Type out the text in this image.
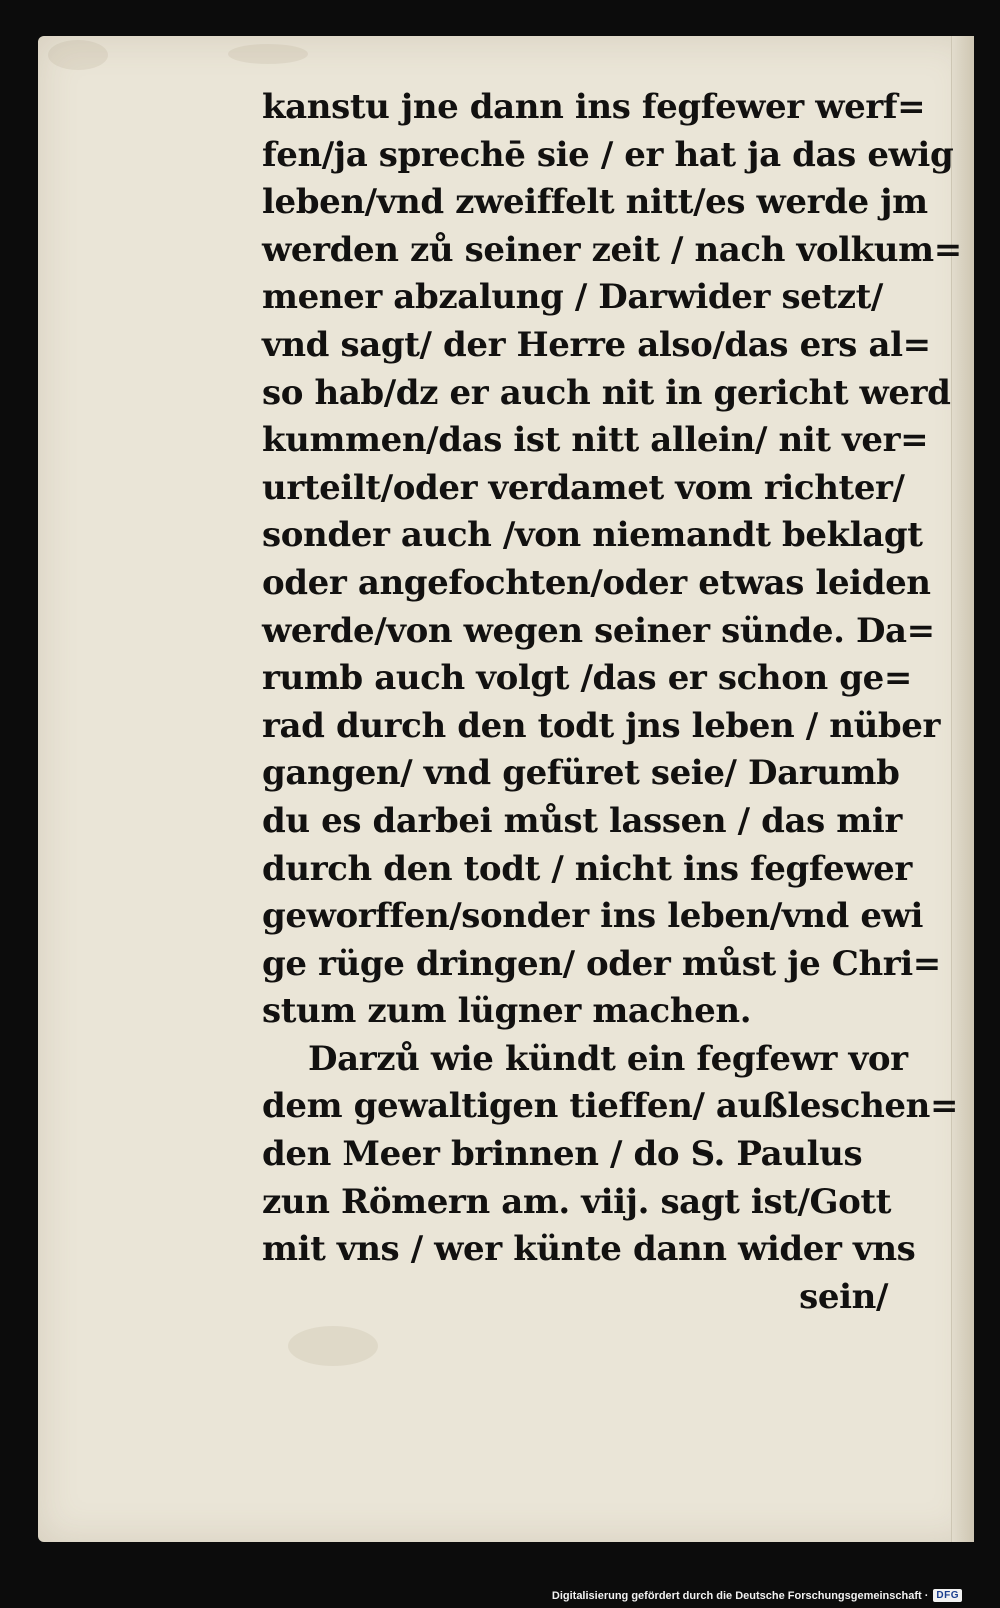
kanstu jne dann ins fegfewer werf=
fen/ja sprechē sie / er hat ja das ewig
leben/vnd zweiffelt nitt/es werde jm
werden zů seiner zeit / nach volkum=
mener abzalung / Darwider setzt/
vnd sagt/ der Herre also/das ers al=
so hab/dz er auch nit in gericht werd
kummen/das ist nitt allein/ nit ver=
urteilt/oder verdamet vom richter/
sonder auch /von niemandt beklagt
oder angefochten/oder etwas leiden
werde/von wegen seiner sünde. Da=
rumb auch volgt /das er schon ge=
rad durch den todt jns leben / nüber
gangen/ vnd gefüret seie/ Darumb
du es darbei můst lassen / das mir
durch den todt / nicht ins fegfewer
geworffen/sonder ins leben/vnd ewi
ge rüge dringen/ oder můst je Chri=
stum zum lügner machen.
Darzů wie kündt ein fegfewr vor
dem gewaltigen tieffen/ außleschen=
den Meer brinnen / do S. Paulus
zun Römern am. viij. sagt ist/Gott
mit vns / wer künte dann wider vns
sein/
Digitalisierung gefördert durch die Deutsche Forschungsgemeinschaft · DFG
